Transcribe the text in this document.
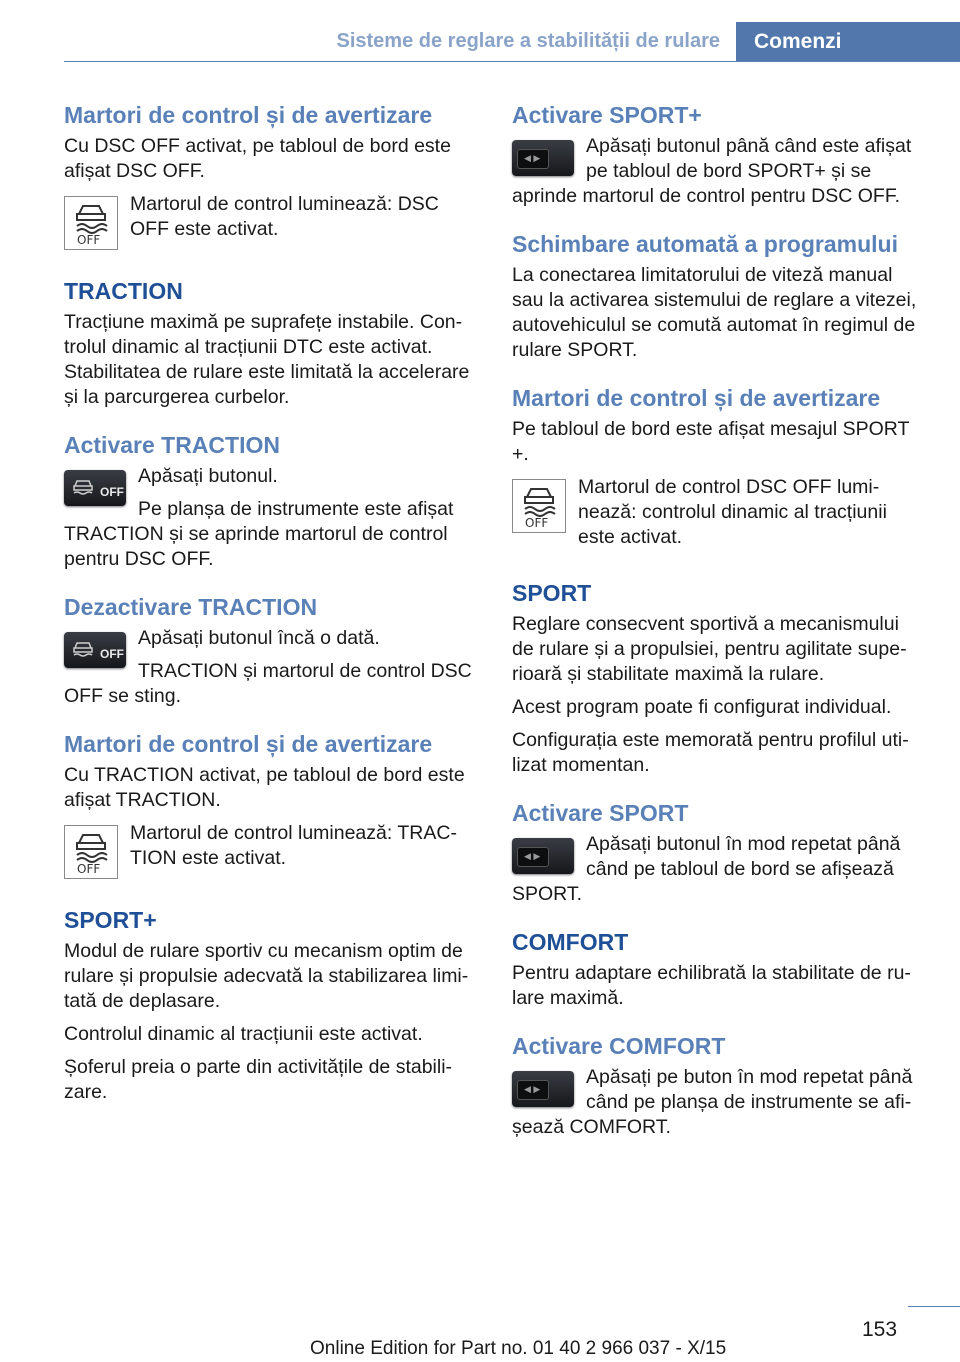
Sisteme de reglare a stabilității de rulare Comenzi
Martori de control și de avertizare

Cu DSC OFF activat, pe tabloul de bord este afișat DSC OFF.

OFF

Martorul de control luminează: DSC OFF este activat.

TRACTION

Tracțiune maximă pe suprafețe instabile. Controlul dinamic al tracțiunii DTC este activat. Stabilitatea de rulare este limitată la accelerare și la parcurgerea curbelor.

Activare TRACTION
OFF

Apăsați butonul.

Pe planșa de instrumente este afișat TRACTION și se aprinde martorul de control pentru DSC OFF.

Dezactivare TRACTION
OFF

Apăsați butonul încă o dată.

TRACTION și martorul de control DSC OFF se sting.

Martori de control și de avertizare

Cu TRACTION activat, pe tabloul de bord este afișat TRACTION.

OFF

Martorul de control luminează: TRACTION este activat.

SPORT+

Modul de rulare sportiv cu mecanism optim de rulare și propulsie adecvată la stabilizarea limitată de deplasare.

Controlul dinamic al tracțiunii este activat.

Șoferul preia o parte din activitățile de stabilizare.

Activare SPORT+
◀ ▶

Apăsați butonul până când este afișat pe tabloul de bord SPORT+ și se aprinde martorul de control pentru DSC OFF.

Schimbare automată a programului

La conectarea limitatorului de viteză manual sau la activarea sistemului de reglare a vitezei, autovehiculul se comută automat în regimul de rulare SPORT.

Martori de control și de avertizare

Pe tabloul de bord este afișat mesajul SPORT +.

OFF

Martorul de control DSC OFF luminează: controlul dinamic al tracțiunii este activat.

SPORT

Reglare consecvent sportivă a mecanismului de rulare și a propulsiei, pentru agilitate superioară și stabilitate maximă la rulare.

Acest program poate fi configurat individual.

Configurația este memorată pentru profilul utilizat momentan.

Activare SPORT
◀ ▶

Apăsați butonul în mod repetat până când pe tabloul de bord se afișează SPORT.

COMFORT

Pentru adaptare echilibrată la stabilitate de rulare maximă.

Activare COMFORT
◀ ▶

Apăsați pe buton în mod repetat până când pe planșa de instrumente se afișează COMFORT.

153
Online Edition for Part no. 01 40 2 966 037 - X/15
